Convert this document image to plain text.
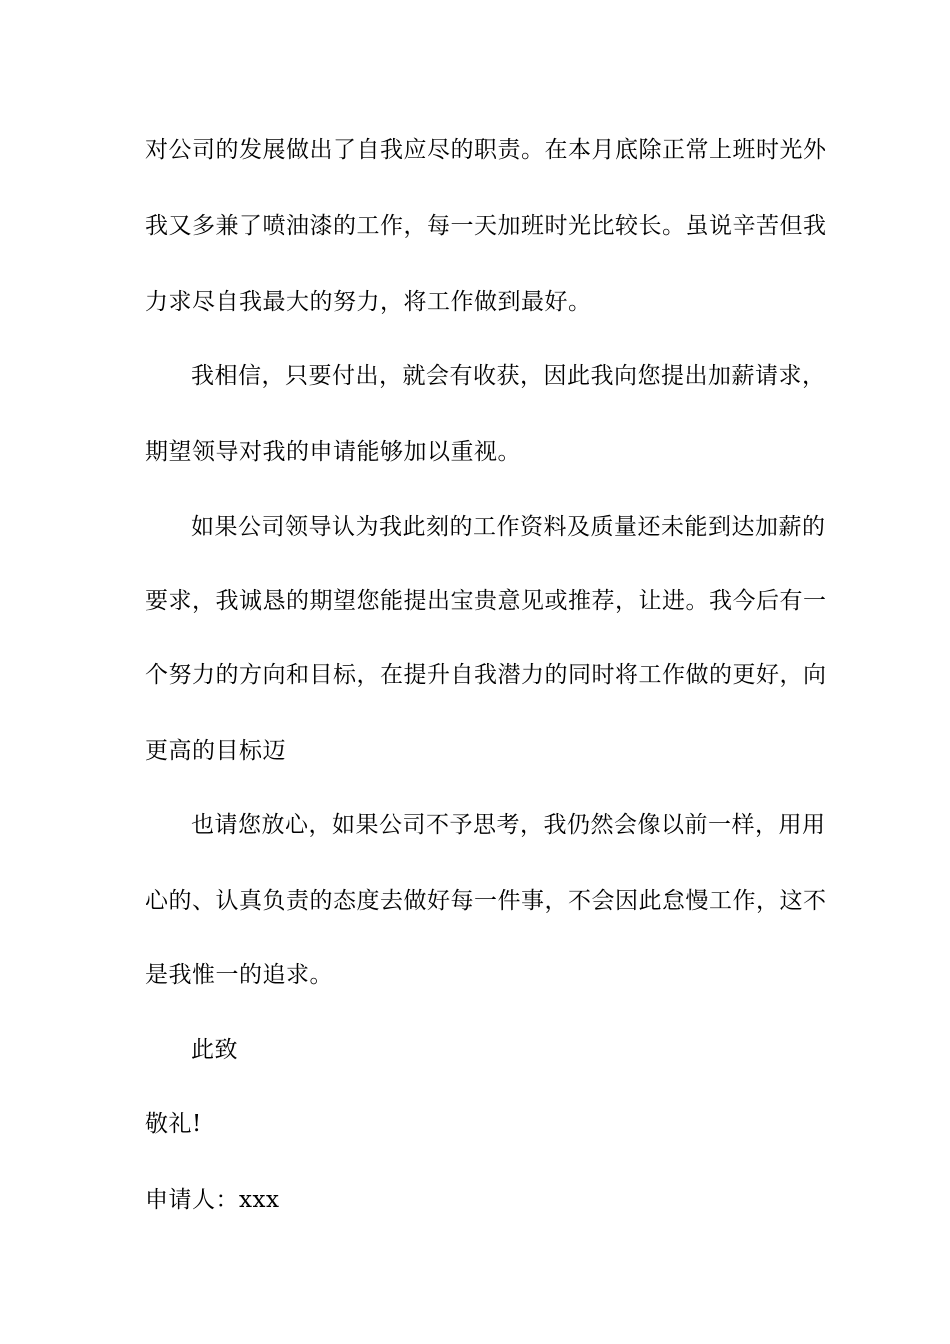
对公司的发展做出了自我应尽的职责。在本月底除正常上班时光外
我又多兼了喷油漆的工作，每一天加班时光比较长。虽说辛苦但我
力求尽自我最大的努力，将工作做到最好。
我相信，只要付出，就会有收获，因此我向您提出加薪请求，
期望领导对我的申请能够加以重视。
如果公司领导认为我此刻的工作资料及质量还未能到达加薪的
要求，我诚恳的期望您能提出宝贵意见或推荐，让进。我今后有一
个努力的方向和目标，在提升自我潜力的同时将工作做的更好，向
更高的目标迈
也请您放心，如果公司不予思考，我仍然会像以前一样，用用
心的、认真负责的态度去做好每一件事，不会因此怠慢工作，这不
是我惟一的追求。
此致
敬礼!
申请人：xxx
